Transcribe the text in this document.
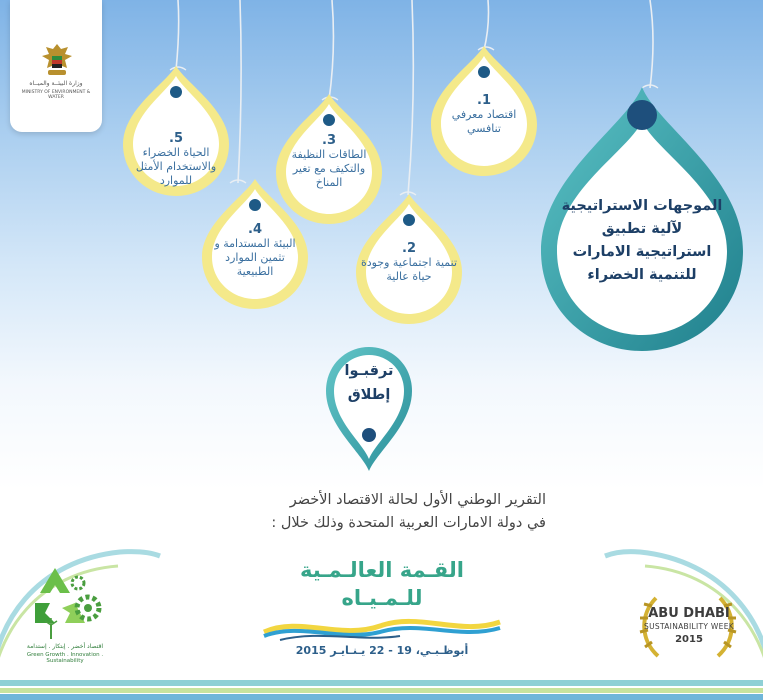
وزارة البيئــة والميــاه
MINISTRY OF ENVIRONMENT & WATER
5.
الحياة الخضراء والاستخدام الأمثل للموارد
3.
الطاقات النظيفة والتكيف مع تغير المناخ
1.
اقتصاد معرفي تنافسي
4.
البيئة المستدامة و تثمين الموارد الطبيعية
2.
تنمية اجتماعية وجودة حياة عالية
الموجهات الاستراتيجية
لآلية تطبيق
استراتيجية الامارات
للتنمية الخضراء
ترقبـوا
إطلاق
التقرير الوطني الأول لحالة الاقتصاد الأخضر
في دولة الامارات العربية المتحدة وذلك خلال :
اقتصاد أخضر . إبتكار . إستدامة
Green Growth . Innovation . Sustainability
القـمة العالـمـية
للـمـيـاه
أبوظـبـي، 19 - 22 يـنـايـر 2015
ABU DHABI
SUSTAINABILITY WEEK
2015
